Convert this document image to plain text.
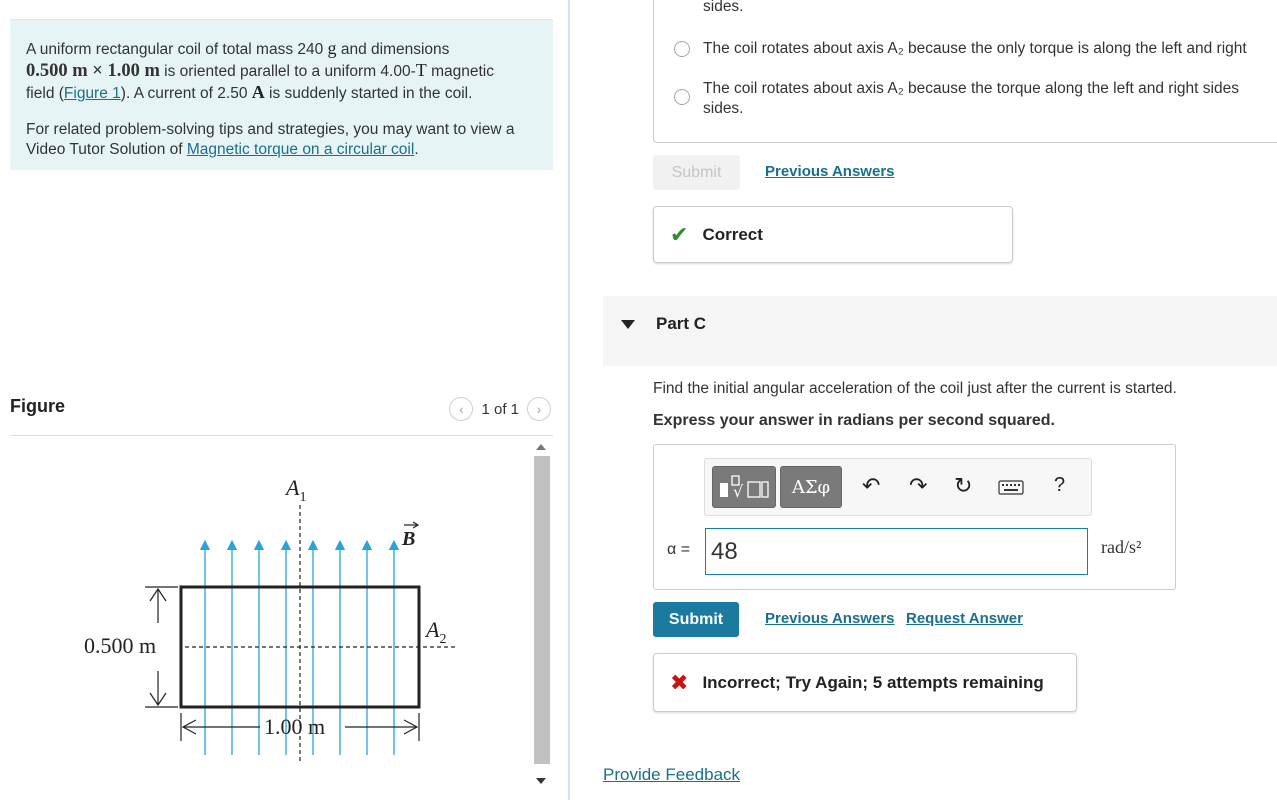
A uniform rectangular coil of total mass 240 g and dimensions
0.500 m × 1.00 m is oriented parallel to a uniform 4.00-T magnetic
field (Figure 1). A current of 2.50 A is suddenly started in the coil.

For related problem-solving tips and strategies, you may want to view a Video Tutor Solution of Magnetic torque on a circular coil.

Figure	‹ 1 of 1 ›
$A_1$
B
$A_2$
0.500 m
1.00 m
sides.
The coil rotates about axis A₂ because the only torque is along the left and right
The coil rotates about axis A₂ because the torque along the left and right sides
sides.
Submit	Previous Answers
✔ Correct
Part C
Find the initial angular acceleration of the coil just after the current is started.
Express your answer in radians per second squared.
√	ΑΣφ	↶ ↷ ↻	?
α =
48	rad/s²
Submit	Previous Answers Request Answer
✖ Incorrect; Try Again; 5 attempts remaining
Provide Feedback
